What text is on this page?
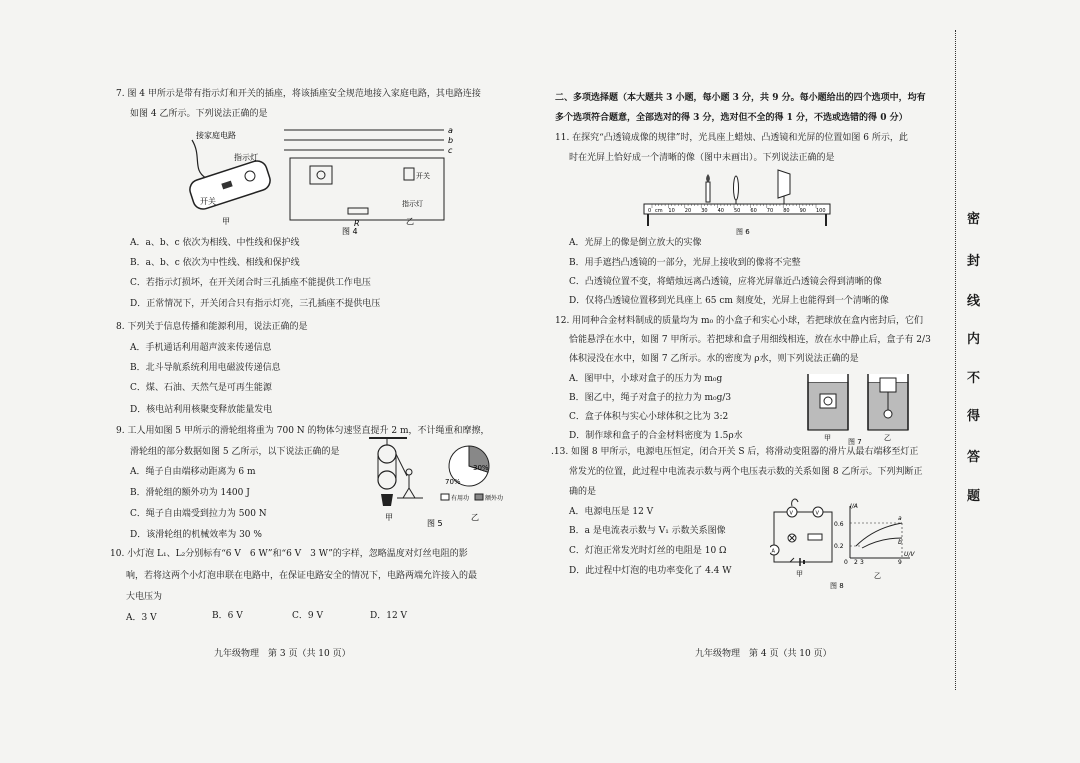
7. 图 4 甲所示是带有指示灯和开关的插座，将该插座安全规范地接入家庭电路，其电路连接
如图 4 乙所示。下列说法正确的是
接家庭电路
指示灯
开关
甲
a
b
c
开关
R
指示灯
图 4
乙
A．a、b、c 依次为相线、中性线和保护线
B．a、b、c 依次为中性线、相线和保护线
C．若指示灯损坏，在开关闭合时三孔插座不能提供工作电压
D．正常情况下，开关闭合只有指示灯亮，三孔插座不提供电压
8. 下列关于信息传播和能源利用，说法正确的是
A．手机通话利用超声波来传递信息
B．北斗导航系统利用电磁波传递信息
C．煤、石油、天然气是可再生能源
D．核电站利用核聚变释放能量发电
9. 工人用如图 5 甲所示的滑轮组将重为 700 N 的物体匀速竖直提升 2 m，不计绳重和摩擦，
滑轮组的部分数据如图 5 乙所示，以下说法正确的是
A．绳子自由端移动距离为 6 m
B．滑轮组的额外功为 1400 J
C．绳子自由端受到拉力为 500 N
D．该滑轮组的机械效率为 30 %
甲
30%
70%
有用功	额外功
图 5
乙
10. 小灯泡 L₁、L₂分别标有“6 V　6 W”和“6 V　3 W”的字样，忽略温度对灯丝电阻的影
响，若将这两个小灯泡串联在电路中，在保证电路安全的情况下，电路两端允许接入的最
大电压为
A．3 V	B．6 V	C．9 V	D．12 V
九年级物理　第 3 页（共 10 页）
二、多项选择题（本大题共 3 小题，每小题 3 分，共 9 分。每小题给出的四个选项中，均有
多个选项符合题意，全部选对的得 3 分，选对但不全的得 1 分，不选或选错的得 0 分）
11. 在探究“凸透镜成像的规律”时，光具座上蜡烛、凸透镜和光屏的位置如图 6 所示，此
时在光屏上恰好成一个清晰的像（图中未画出）。下列说法正确的是
0 cm 10 20 30 40 50 60 70 80 90 100
图 6
A．光屏上的像是倒立放大的实像
B．用手遮挡凸透镜的一部分，光屏上接收到的像将不完整
C．凸透镜位置不变，将蜡烛远离凸透镜，应将光屏靠近凸透镜会得到清晰的像
D．仅将凸透镜位置移到光具座上 65 cm 刻度处，光屏上也能得到一个清晰的像
12. 用同种合金材料制成的质量均为 m₀ 的小盒子和实心小球，若把球放在盒内密封后，它们
恰能悬浮在水中，如图 7 甲所示。若把球和盒子用细线相连，放在水中静止后，盒子有 2/3
体积浸没在水中，如图 7 乙所示。水的密度为 ρ水，则下列说法正确的是
A．图甲中，小球对盒子的压力为 m₀g
B．图乙中，绳子对盒子的拉力为 m₀g/3
C．盒子体积与实心小球体积之比为 3:2
D．制作球和盒子的合金材料密度为 1.5ρ水	甲 图 7	乙
.13. 如图 8 甲所示，电源电压恒定，闭合开关 S 后，将滑动变阻器的滑片从最右端移至灯正
常发光的位置，此过程中电流表示数与两个电压表示数的关系如图 8 乙所示。下列判断正
确的是
A．电源电压是 12 V
B．a 是电流表示数与 V₁ 示数关系图像
C．灯泡正常发光时灯丝的电阻是 10 Ω
D．此过程中灯泡的电功率变化了 4.4 W
V	V
A
甲
I/A
U/V
0.6
0.2
0 2 3	9
a
b
乙
图 8
九年级物理　第 4 页（共 10 页）
密
封
线
内
不
得
答
题
